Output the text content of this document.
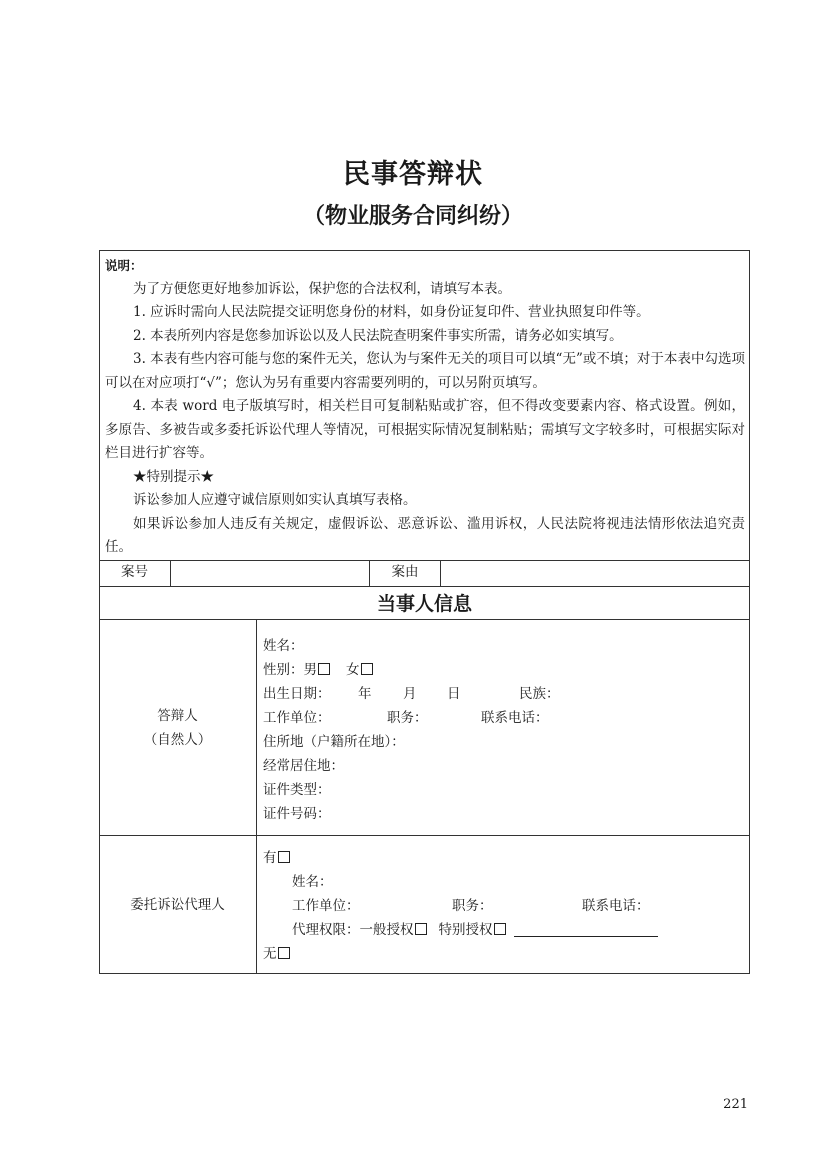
民事答辩状
（物业服务合同纠纷）
说明：

为了方便您更好地参加诉讼，保护您的合法权利，请填写本表。

1. 应诉时需向人民法院提交证明您身份的材料，如身份证复印件、营业执照复印件等。

2. 本表所列内容是您参加诉讼以及人民法院查明案件事实所需，请务必如实填写。

3. 本表有些内容可能与您的案件无关，您认为与案件无关的项目可以填“无”或不填；对于本表中勾选项可以在对应项打“√”；您认为另有重要内容需要列明的，可以另附页填写。

4. 本表 word 电子版填写时，相关栏目可复制粘贴或扩容，但不得改变要素内容、格式设置。例如，多原告、多被告或多委托诉讼代理人等情况，可根据实际情况复制粘贴；需填写文字较多时，可根据实际对栏目进行扩容等。

★特别提示★

诉讼参加人应遵守诚信原则如实认真填写表格。

如果诉讼参加人违反有关规定，虚假诉讼、恶意诉讼、滥用诉权，人民法院将视违法情形依法追究责任。

案号	案由
当事人信息
答辩人
（自然人）
姓名：
性别：男 女
出生日期： 年 月 日	民族：
工作单位：	职务：	联系电话：
住所地（户籍所在地）：
经常居住地：
证件类型：
证件号码：
委托诉讼代理人
有
姓名：
工作单位：	职务：	联系电话：
代理权限：一般授权 特别授权
无
221
